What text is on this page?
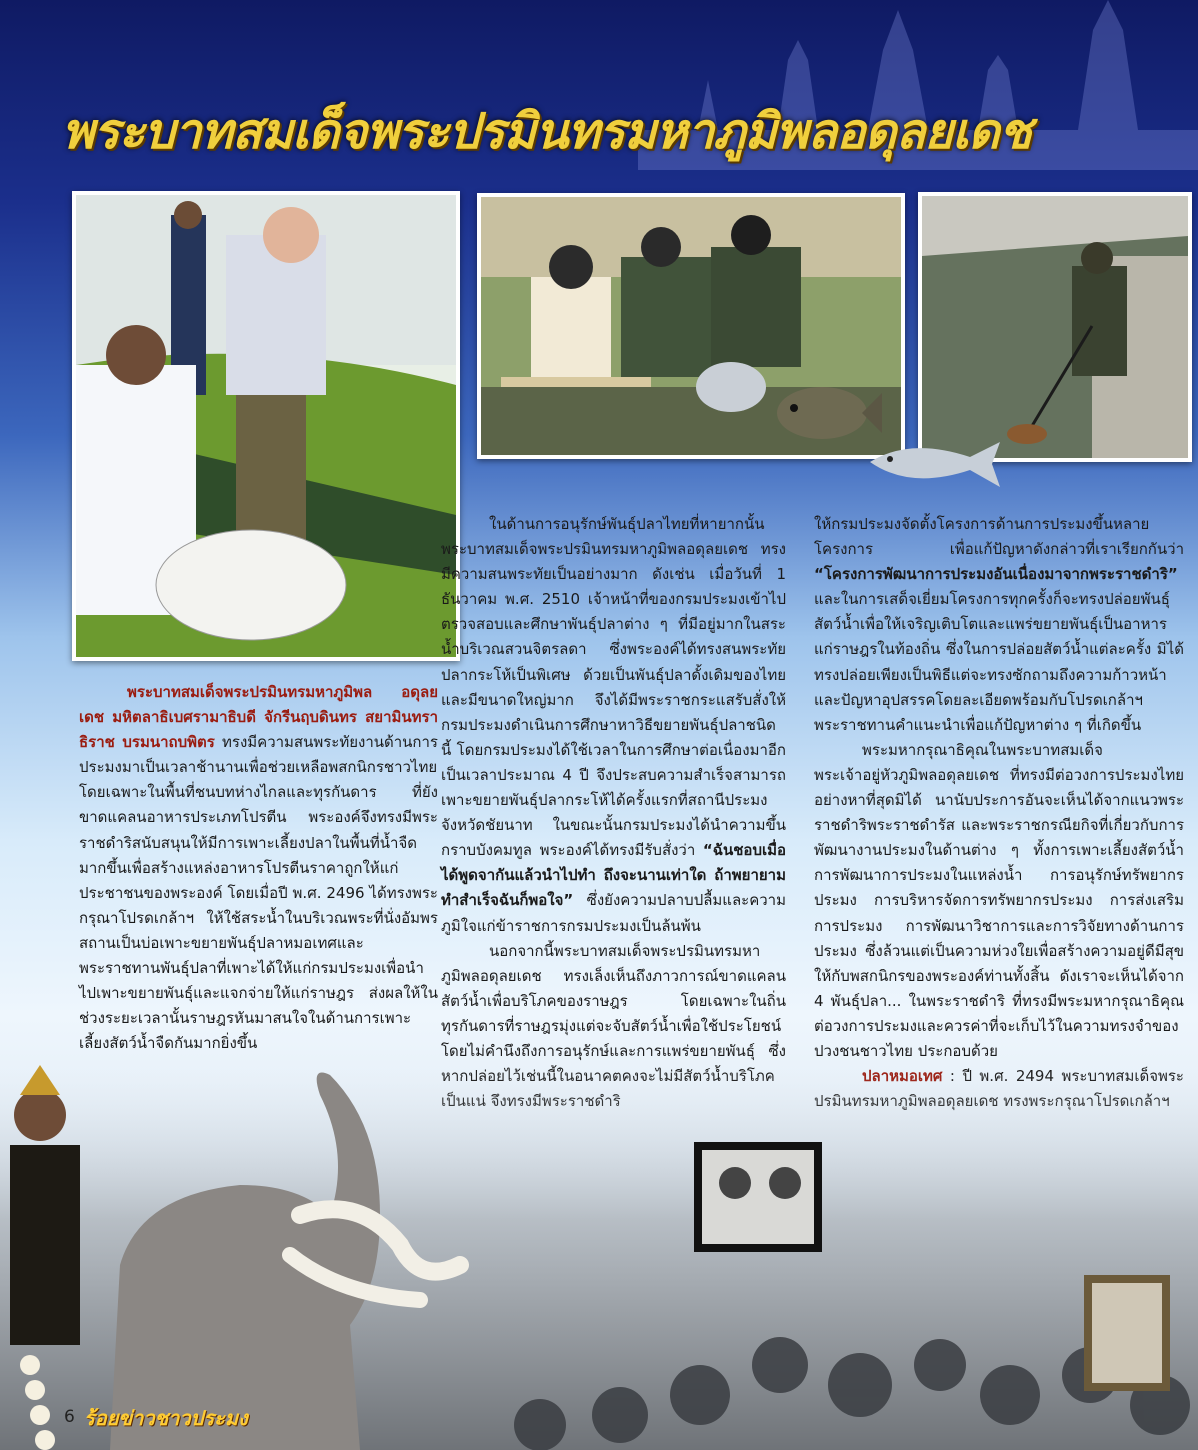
พระบาทสมเด็จพระปรมินทรมหาภูมิพลอดุลยเดช

พระบาทสมเด็จพระปรมินทรมหาภูมิพล อดุลยเดช มหิตลาธิเบศรามาธิบดี จักรีนฤบดินทร สยามินทราธิราช บรมนาถบพิตร ทรงมีความสนพระทัยงานด้านการประมงมาเป็นเวลาช้านานเพื่อช่วยเหลือพสกนิกรชาวไทยโดยเฉพาะในพื้นที่ชนบทห่างไกลและทุรกันดาร ที่ยังขาดแคลนอาหารประเภทโปรตีน พระองค์จึงทรงมีพระราชดำริสนับสนุนให้มีการเพาะเลี้ยงปลาในพื้นที่น้ำจืดมากขึ้นเพื่อสร้างแหล่งอาหารโปรตีนราคาถูกให้แก่ประชาชนของพระองค์ โดยเมื่อปี พ.ศ. 2496 ได้ทรงพระกรุณาโปรดเกล้าฯ ให้ใช้สระน้ำในบริเวณพระที่นั่งอัมพรสถานเป็นบ่อเพาะขยายพันธุ์ปลาหมอเทศและพระราชทานพันธุ์ปลาที่เพาะได้ให้แก่กรมประมงเพื่อนำไปเพาะขยายพันธุ์และแจกจ่ายให้แก่ราษฎร ส่งผลให้ในช่วงระยะเวลานั้นราษฎรหันมาสนใจในด้านการเพาะเลี้ยงสัตว์น้ำจืดกันมากยิ่งขึ้น

ในด้านการอนุรักษ์พันธุ์ปลาไทยที่หายากนั้น พระบาทสมเด็จพระปรมินทรมหาภูมิพลอดุลยเดช ทรงมีความสนพระทัยเป็นอย่างมาก ดังเช่น เมื่อวันที่ 1 ธันวาคม พ.ศ. 2510 เจ้าหน้าที่ของกรมประมงเข้าไปตรวจสอบและศึกษาพันธุ์ปลาต่าง ๆ ที่มีอยู่มากในสระน้ำบริเวณสวนจิตรลดา ซึ่งพระองค์ได้ทรงสนพระทัยปลากระโห้เป็นพิเศษ ด้วยเป็นพันธุ์ปลาดั้งเดิมของไทยและมีขนาดใหญ่มาก จึงได้มีพระราชกระแสรับสั่งให้กรมประมงดำเนินการศึกษาหาวิธีขยายพันธุ์ปลาชนิดนี้ โดยกรมประมงได้ใช้เวลาในการศึกษาต่อเนื่องมาอีกเป็นเวลาประมาณ 4 ปี จึงประสบความสำเร็จสามารถเพาะขยายพันธุ์ปลากระโห้ได้ครั้งแรกที่สถานีประมงจังหวัดชัยนาท ในขณะนั้นกรมประมงได้นำความขึ้นกราบบังคมทูล พระองค์ได้ทรงมีรับสั่งว่า “ฉันชอบเมื่อได้พูดจากันแล้วนำไปทำ ถึงจะนานเท่าใด ถ้าพยายามทำสำเร็จฉันก็พอใจ” ซึ่งยังความปลาบปลื้มและความภูมิใจแก่ข้าราชการกรมประมงเป็นล้นพ้น

นอกจากนี้พระบาทสมเด็จพระปรมินทรมหาภูมิพลอดุลยเดช ทรงเล็งเห็นถึงภาวการณ์ขาดแคลนสัตว์น้ำเพื่อบริโภคของราษฎร โดยเฉพาะในถิ่นทุรกันดารที่ราษฎรมุ่งแต่จะจับสัตว์น้ำเพื่อใช้ประโยชน์ โดยไม่คำนึงถึงการอนุรักษ์และการแพร่ขยายพันธุ์ ซึ่ง

ให้กรมประมงจัดตั้งโครงการด้านการประมงขึ้นหลายโครงการ เพื่อแก้ปัญหาดังกล่าวที่เราเรียกกันว่า “โครงการพัฒนาการประมงอันเนื่องมาจากพระราชดำริ” และในการเสด็จเยี่ยมโครงการทุกครั้งก็จะทรงปล่อยพันธุ์สัตว์น้ำเพื่อให้เจริญเติบโตและแพร่ขยายพันธุ์เป็นอาหารแก่ราษฎรในท้องถิ่น ซึ่งในการปล่อยสัตว์น้ำแต่ละครั้ง มิได้ทรงปล่อยเพียงเป็นพิธีแต่จะทรงซักถามถึงความก้าวหน้าและปัญหาอุปสรรคโดยละเอียดพร้อมกับโปรดเกล้าฯ พระราชทานคำแนะนำเพื่อแก้ปัญหาต่าง ๆ ที่เกิดขึ้น

พระมหากรุณาธิคุณในพระบาทสมเด็จพระเจ้าอยู่หัวภูมิพลอดุลยเดช ที่ทรงมีต่อวงการประมงไทยอย่างหาที่สุดมิได้ นานับประการอันจะเห็นได้จากแนวพระราชดำริพระราชดำรัส และพระราชกรณียกิจที่เกี่ยวกับการพัฒนางานประมงในด้านต่าง ๆ ทั้งการเพาะเลี้ยงสัตว์น้ำ การพัฒนาการประมงในแหล่งน้ำ การอนุรักษ์ทรัพยากรประมง การบริหารจัดการทรัพยากรประมง การส่งเสริมการประมง การพัฒนาวิชาการและการวิจัยทางด้านการประมง ซึ่งล้วนแต่เป็นความห่วงใยเพื่อสร้างความอยู่ดีมีสุขให้กับพสกนิกรของพระองค์ท่านทั้งสิ้น ดังเราจะเห็นได้จาก 4 พันธุ์ปลา... ในพระราชดำริ ที่ทรงมีพระมหากรุณาธิคุณต่อวงการประมงและควรค่าที่จะเก็บไว้ในความทรงจำของปวงชนชาวไทย ประกอบด้วย

6 ร้อยข่าวชาวประมง
